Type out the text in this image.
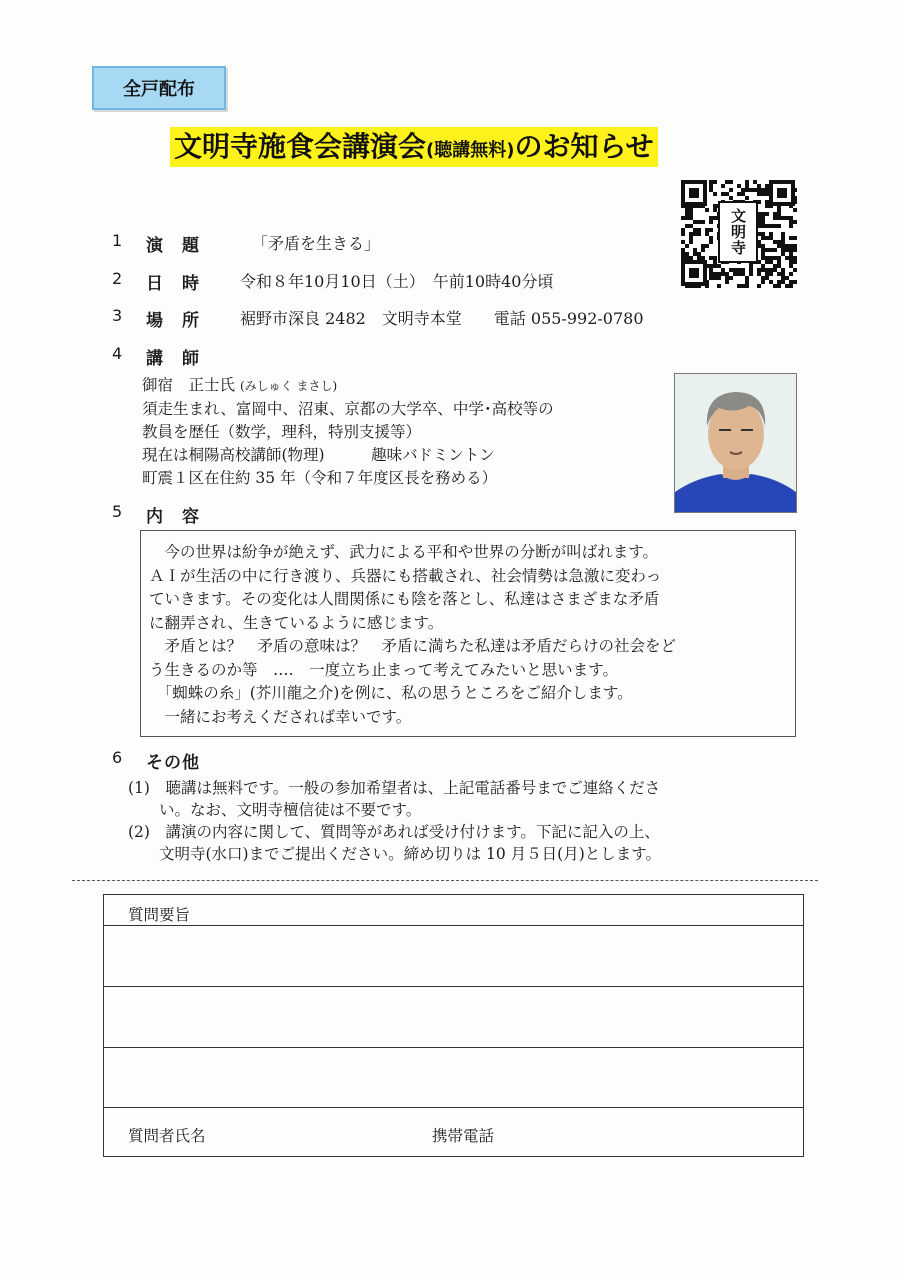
全戸配布
文明寺施食会講演会(聴講無料)のお知らせ
文明寺
1 演　題	「矛盾を生きる」
2 日　時	令和８年10月10日（土）　午前10時40分頃
3 場　所	裾野市深良 2482　文明寺本堂　　電話 055-992-0780
4 講　師
御宿　正士氏 (みしゅく まさし)
須走生まれ、富岡中、沼東、京都の大学卒、中学･高校等の
教員を歴任（数学，理科，特別支援等）
現在は桐陽高校講師(物理)　　　趣味バドミントン
町震１区在住約 35 年（令和７年度区長を務める）
5 内　容

　今の世界は紛争が絶えず、武力による平和や世界の分断が叫ばれます。

ＡＩが生活の中に行き渡り、兵器にも搭載され、社会情勢は急激に変わっ

ていきます。その変化は人間関係にも陰を落とし、私達はさまざまな矛盾

に翻弄され、生きているように感じます。

　矛盾とは？　矛盾の意味は？　矛盾に満ちた私達は矛盾だらけの社会をど

う生きるのか等　‥‥　一度立ち止まって考えてみたいと思います。

　「蜘蛛の糸」(芥川龍之介)を例に、私の思うところをご紹介します。

　一緒にお考えくだされば幸いです。

6 その他
(1)　聴講は無料です。一般の参加希望者は、上記電話番号までご連絡くださ
　　い。なお、文明寺檀信徒は不要です。
(2)　講演の内容に関して、質問等があれば受け付けます。下記に記入の上、
　　文明寺(水口)までご提出ください。締め切りは 10 月５日(月)とします。
質問要旨
質問者氏名	携帯電話
